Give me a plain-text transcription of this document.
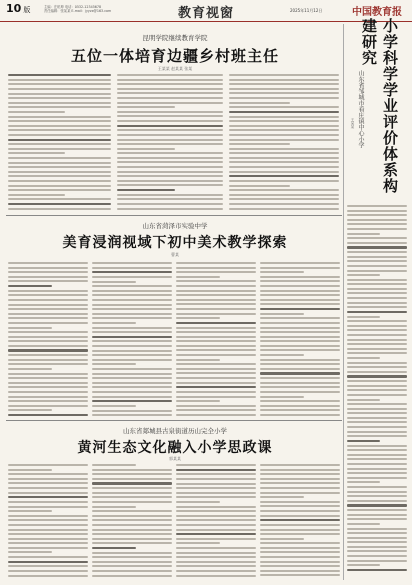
10 版	主编：庄乾坤 电话：0532-12345678
责任编辑：张某某 E-mail：jyyzx@163.com	教育视窗	2025年11月12日	中国教育报
昆明学院继续教育学院
五位一体培育边疆乡村班主任
王某某 赵某某 张某
山东省菏泽市实验中学
美育浸润视域下初中美术教学探索
曹某
山东省郯城县古泉街道历山完全小学
黄河生态文化融入小学思政课
郭某某
小学科学学业评价体系构建研究
山东省邹城市看庄镇中心小学
王某某
